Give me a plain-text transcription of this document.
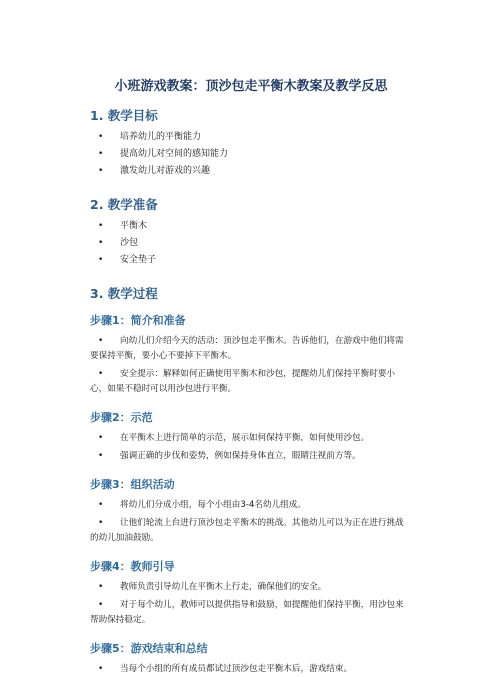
小班游戏教案：顶沙包走平衡木教案及教学反思
1. 教学目标
• 培养幼儿的平衡能力
• 提高幼儿对空间的感知能力
• 激发幼儿对游戏的兴趣
2. 教学准备
• 平衡木
• 沙包
• 安全垫子
3. 教学过程
步骤1：简介和准备
• 向幼儿们介绍今天的活动：顶沙包走平衡木。告诉他们，在游戏中他们将需要保持平衡，要小心不要掉下平衡木。
• 安全提示：解释如何正确使用平衡木和沙包，提醒幼儿们保持平衡时要小心，如果不稳时可以用沙包进行平衡。
步骤2：示范
• 在平衡木上进行简单的示范，展示如何保持平衡，如何使用沙包。
• 强调正确的步伐和姿势，例如保持身体直立，眼睛注视前方等。
步骤3：组织活动
• 将幼儿们分成小组，每个小组由3-4名幼儿组成。
• 让他们轮流上台进行顶沙包走平衡木的挑战。其他幼儿可以为正在进行挑战的幼儿加油鼓励。
步骤4：教师引导
• 教师负责引导幼儿在平衡木上行走，确保他们的安全。
• 对于每个幼儿，教师可以提供指导和鼓励，如提醒他们保持平衡，用沙包来帮助保持稳定。
步骤5：游戏结束和总结
• 当每个小组的所有成员都试过顶沙包走平衡木后，游戏结束。
